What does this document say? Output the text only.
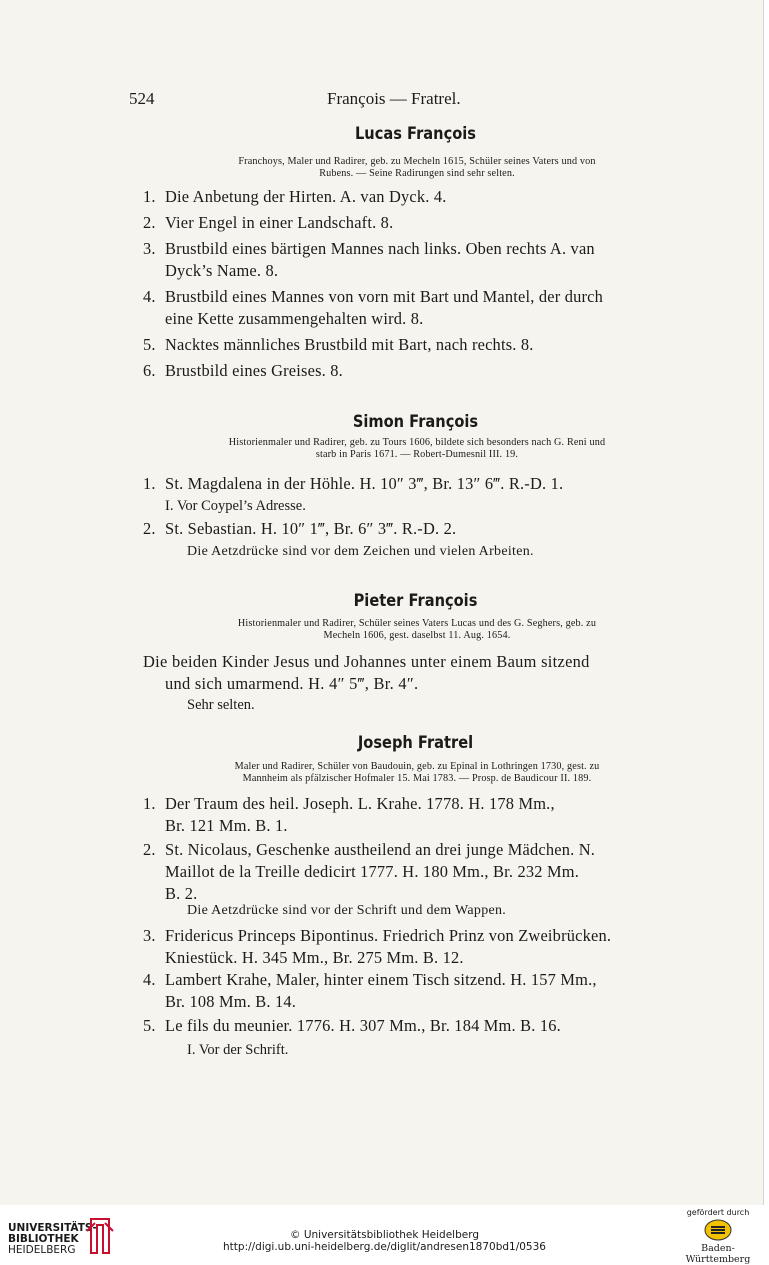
524	François — Fratrel.
Lucas François
Franchoys, Maler und Radirer, geb. zu Mecheln 1615, Schüler seines Vaters und von
Rubens. — Seine Radirungen sind sehr selten.
1. Die Anbetung der Hirten. A. van Dyck. 4.
2. Vier Engel in einer Landschaft. 8.
3. Brustbild eines bärtigen Mannes nach links. Oben rechts A. van
Dyck’s Name. 8.
4. Brustbild eines Mannes von vorn mit Bart und Mantel, der durch
eine Kette zusammengehalten wird. 8.
5. Nacktes männliches Brustbild mit Bart, nach rechts. 8.
6. Brustbild eines Greises. 8.
Simon François
Historienmaler und Radirer, geb. zu Tours 1606, bildete sich besonders nach G. Reni und
starb in Paris 1671. — Robert-Dumesnil III. 19.
1. St. Magdalena in der Höhle. H. 10″ 3‴, Br. 13″ 6‴. R.-D. 1.
I. Vor Coypel’s Adresse.
2. St. Sebastian. H. 10″ 1‴, Br. 6″ 3‴. R.-D. 2.
Die Aetzdrücke sind vor dem Zeichen und vielen Arbeiten.
Pieter François
Historienmaler und Radirer, Schüler seines Vaters Lucas und des G. Seghers, geb. zu
Mecheln 1606, gest. daselbst 11. Aug. 1654.
Die beiden Kinder Jesus und Johannes unter einem Baum sitzend

und sich umarmend. H. 4″ 5‴, Br. 4″.
Sehr selten.
Joseph Fratrel
Maler und Radirer, Schüler von Baudouin, geb. zu Epinal in Lothringen 1730, gest. zu
Mannheim als pfälzischer Hofmaler 15. Mai 1783. — Prosp. de Baudicour II. 189.
1. Der Traum des heil. Joseph. L. Krahe. 1778. H. 178 Mm.,
Br. 121 Mm. B. 1.
2. St. Nicolaus, Geschenke austheilend an drei junge Mädchen. N.
Maillot de la Treille dedicirt 1777. H. 180 Mm., Br. 232 Mm.
B. 2.
Die Aetzdrücke sind vor der Schrift und dem Wappen.
3. Fridericus Princeps Bipontinus. Friedrich Prinz von Zweibrücken.
Kniestück. H. 345 Mm., Br. 275 Mm. B. 12.
4. Lambert Krahe, Maler, hinter einem Tisch sitzend. H. 157 Mm.,
Br. 108 Mm. B. 14.
5. Le fils du meunier. 1776. H. 307 Mm., Br. 184 Mm. B. 16.
I. Vor der Schrift.
UNIVERSITÄTS-
BIBLIOTHEK
HEIDELBERG
© Universitätsbibliothek Heidelberg
http://digi.ub.uni-heidelberg.de/diglit/andresen1870bd1/0536
gefördert durch
Baden-Württemberg
